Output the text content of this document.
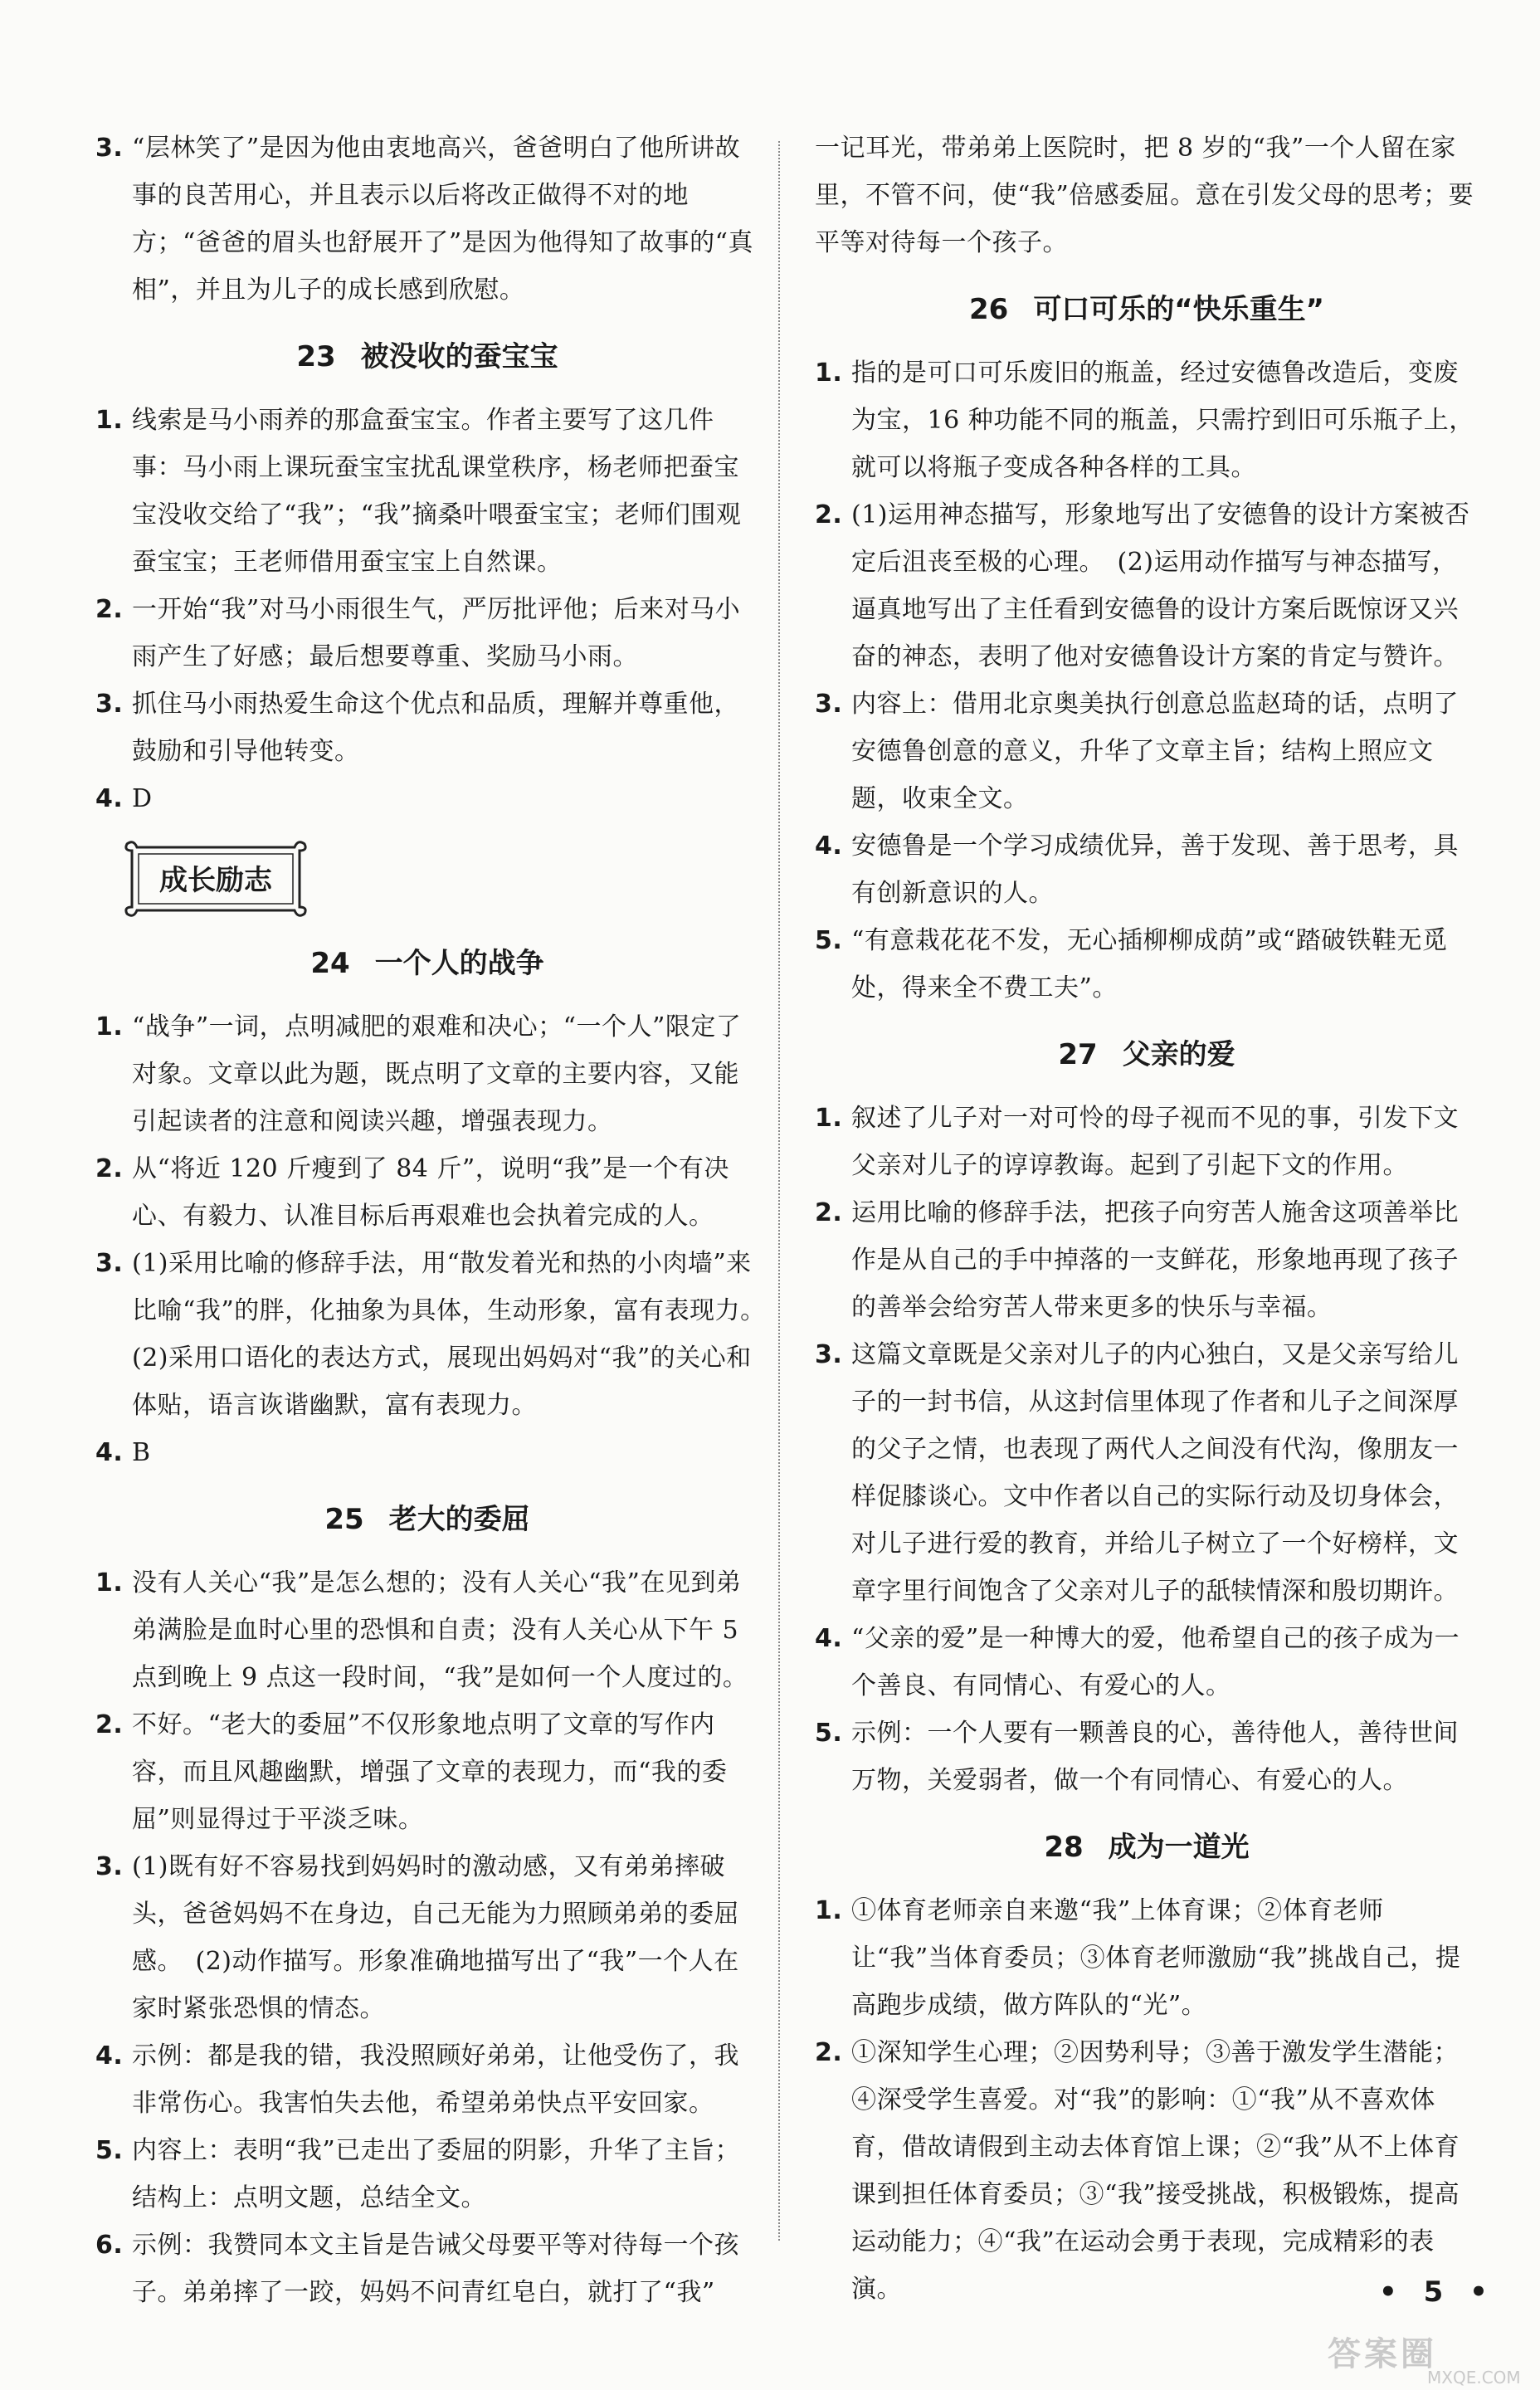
3. “层林笑了”是因为他由衷地高兴，爸爸明白了他所讲故事的良苦用心，并且表示以后将改正做得不对的地方；“爸爸的眉头也舒展开了”是因为他得知了故事的“真相”，并且为儿子的成长感到欣慰。

23 被没收的蚕宝宝

1. 线索是马小雨养的那盒蚕宝宝。作者主要写了这几件事：马小雨上课玩蚕宝宝扰乱课堂秩序，杨老师把蚕宝宝没收交给了“我”；“我”摘桑叶喂蚕宝宝；老师们围观蚕宝宝；王老师借用蚕宝宝上自然课。

2. 一开始“我”对马小雨很生气，严厉批评他；后来对马小雨产生了好感；最后想要尊重、奖励马小雨。

3. 抓住马小雨热爱生命这个优点和品质，理解并尊重他，鼓励和引导他转变。

4. D

成长励志
24 一个人的战争

1. “战争”一词，点明减肥的艰难和决心；“一个人”限定了对象。文章以此为题，既点明了文章的主要内容，又能引起读者的注意和阅读兴趣，增强表现力。

2. 从“将近 120 斤瘦到了 84 斤”，说明“我”是一个有决心、有毅力、认准目标后再艰难也会执着完成的人。

3. (1)采用比喻的修辞手法，用“散发着光和热的小肉墙”来比喻“我”的胖，化抽象为具体，生动形象，富有表现力。　(2)采用口语化的表达方式，展现出妈妈对“我”的关心和体贴，语言诙谐幽默，富有表现力。

4. B

25 老大的委屈

1. 没有人关心“我”是怎么想的；没有人关心“我”在见到弟弟满脸是血时心里的恐惧和自责；没有人关心从下午 5 点到晚上 9 点这一段时间，“我”是如何一个人度过的。

2. 不好。“老大的委屈”不仅形象地点明了文章的写作内容，而且风趣幽默，增强了文章的表现力，而“我的委屈”则显得过于平淡乏味。

3. (1)既有好不容易找到妈妈时的激动感，又有弟弟摔破头，爸爸妈妈不在身边，自己无能为力照顾弟弟的委屈感。　(2)动作描写。形象准确地描写出了“我”一个人在家时紧张恐惧的情态。

4. 示例：都是我的错，我没照顾好弟弟，让他受伤了，我非常伤心。我害怕失去他，希望弟弟快点平安回家。

5. 内容上：表明“我”已走出了委屈的阴影，升华了主旨；结构上：点明文题，总结全文。

6. 示例：我赞同本文主旨是告诫父母要平等对待每一个孩子。弟弟摔了一跤，妈妈不问青红皂白，就打了“我”

一记耳光，带弟弟上医院时，把 8 岁的“我”一个人留在家里，不管不问，使“我”倍感委屈。意在引发父母的思考；要平等对待每一个孩子。

26 可口可乐的“快乐重生”

1. 指的是可口可乐废旧的瓶盖，经过安德鲁改造后，变废为宝，16 种功能不同的瓶盖，只需拧到旧可乐瓶子上，就可以将瓶子变成各种各样的工具。

2. (1)运用神态描写，形象地写出了安德鲁的设计方案被否定后沮丧至极的心理。　(2)运用动作描写与神态描写，逼真地写出了主任看到安德鲁的设计方案后既惊讶又兴奋的神态，表明了他对安德鲁设计方案的肯定与赞许。

3. 内容上：借用北京奥美执行创意总监赵琦的话，点明了安德鲁创意的意义，升华了文章主旨；结构上照应文题，收束全文。

4. 安德鲁是一个学习成绩优异，善于发现、善于思考，具有创新意识的人。

5. “有意栽花花不发，无心插柳柳成荫”或“踏破铁鞋无觅处，得来全不费工夫”。

27 父亲的爱

1. 叙述了儿子对一对可怜的母子视而不见的事，引发下文父亲对儿子的谆谆教诲。起到了引起下文的作用。

2. 运用比喻的修辞手法，把孩子向穷苦人施舍这项善举比作是从自己的手中掉落的一支鲜花，形象地再现了孩子的善举会给穷苦人带来更多的快乐与幸福。

3. 这篇文章既是父亲对儿子的内心独白，又是父亲写给儿子的一封书信，从这封信里体现了作者和儿子之间深厚的父子之情，也表现了两代人之间没有代沟，像朋友一样促膝谈心。文中作者以自己的实际行动及切身体会，对儿子进行爱的教育，并给儿子树立了一个好榜样，文章字里行间饱含了父亲对儿子的舐犊情深和殷切期许。

4. “父亲的爱”是一种博大的爱，他希望自己的孩子成为一个善良、有同情心、有爱心的人。

5. 示例：一个人要有一颗善良的心，善待他人，善待世间万物，关爱弱者，做一个有同情心、有爱心的人。

28 成为一道光

1. ①体育老师亲自来邀“我”上体育课；②体育老师让“我”当体育委员；③体育老师激励“我”挑战自己，提高跑步成绩，做方阵队的“光”。

2. ①深知学生心理；②因势利导；③善于激发学生潜能；④深受学生喜爱。对“我”的影响：①“我”从不喜欢体育，借故请假到主动去体育馆上课；②“我”从不上体育课到担任体育委员；③“我”接受挑战，积极锻炼，提高运动能力；④“我”在运动会勇于表现，完成精彩的表演。	• 5 •
答案圈
MXQE.COM
